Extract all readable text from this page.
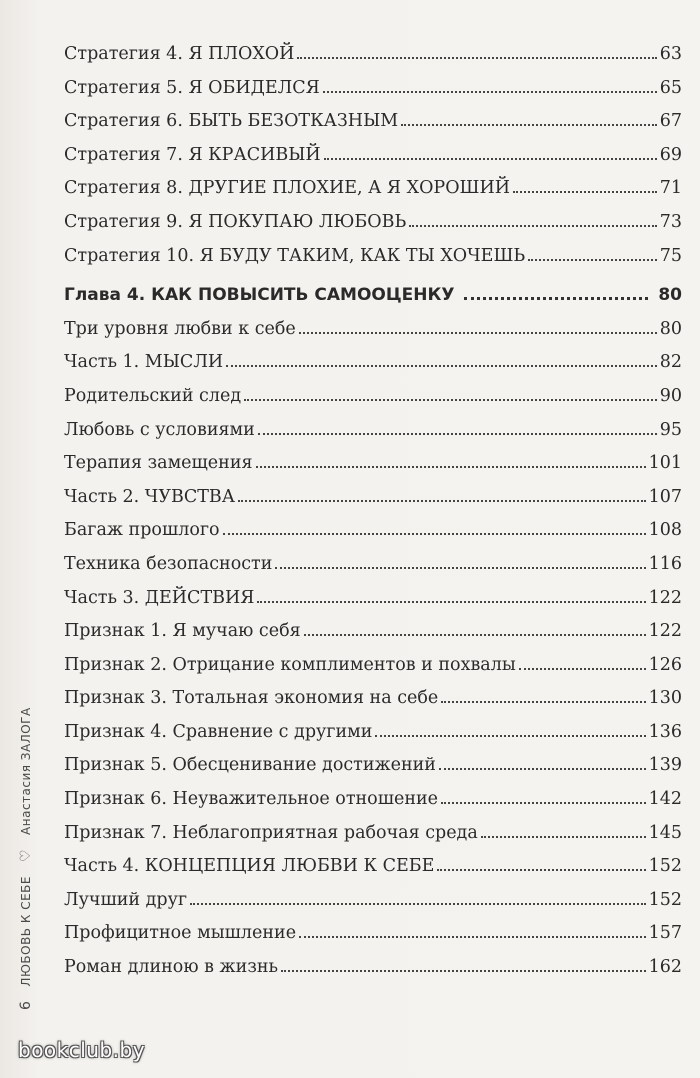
Стратегия 4. Я ПЛОХОЙ	63
Стратегия 5. Я ОБИДЕЛСЯ	65
Стратегия 6. БЫТЬ БЕЗОТКАЗНЫМ	67
Стратегия 7. Я КРАСИВЫЙ	69
Стратегия 8. ДРУГИЕ ПЛОХИЕ, А Я ХОРОШИЙ	71
Стратегия 9. Я ПОКУПАЮ ЛЮБОВЬ	73
Стратегия 10. Я БУДУ ТАКИМ, КАК ТЫ ХОЧЕШЬ	75
Глава 4. КАК ПОВЫСИТЬ САМООЦЕНКУ	80
Три уровня любви к себе	80
Часть 1. МЫСЛИ	82
Родительский след	90
Любовь с условиями	95
Терапия замещения	101
Часть 2. ЧУВСТВА	107
Багаж прошлого	108
Техника безопасности	116
Часть 3. ДЕЙСТВИЯ	122
Признак 1. Я мучаю себя	122
Признак 2. Отрицание комплиментов и похвалы	126
Признак 3. Тотальная экономия на себе	130
Признак 4. Сравнение с другими	136
Признак 5. Обесценивание достижений	139
Признак 6. Неуважительное отношение	142
Признак 7. Неблагоприятная рабочая среда	145
Часть 4. КОНЦЕПЦИЯ ЛЮБВИ К СЕБЕ	152
Лучший друг	152
Профицитное мышление	157
Роман длиною в жизнь	162
6
ЛЮБОВЬ К СЕБЕ
♡
Анастасия ЗАЛОГА
bookclub.by
